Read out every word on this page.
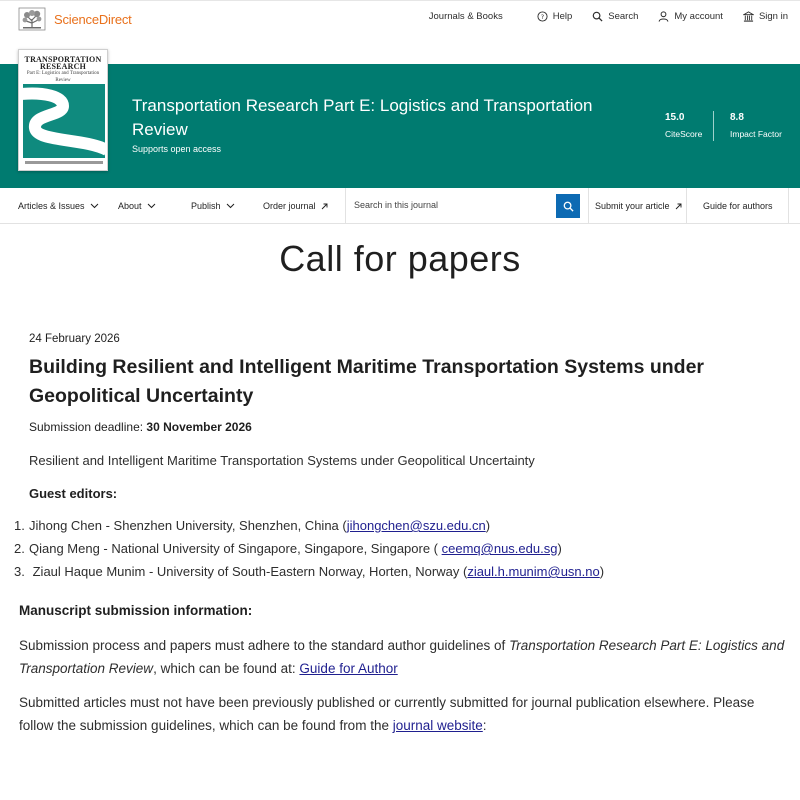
ScienceDirect	Journals & Books	? Help	Search	My account	Sign in
TRANSPORTATION
RESEARCH
Part E: Logistics and Transportation Review
Transportation Research Part E: Logistics and Transportation Review
Supports open access
15.0
CiteScore
8.8
Impact Factor
Articles & Issues	About	Publish	Order journal
Search in this journal	Submit your article	Guide for authors
Call for papers
24 February 2026
Building Resilient and Intelligent Maritime Transportation Systems under Geopolitical Uncertainty
Submission deadline: 30 November 2026
Resilient and Intelligent Maritime Transportation Systems under Geopolitical Uncertainty
Guest editors:
1. Jihong Chen - Shenzhen University, Shenzhen, China (jihongchen@szu.edu.cn)
2. Qiang Meng - National University of Singapore, Singapore, Singapore ( ceemq@nus.edu.sg)
3. Ziaul Haque Munim - University of South-Eastern Norway, Horten, Norway (ziaul.h.munim@usn.no)
Manuscript submission information:
Submission process and papers must adhere to the standard author guidelines of Transportation Research Part E: Logistics and Transportation Review, which can be found at: Guide for Author
Submitted articles must not have been previously published or currently submitted for journal publication elsewhere. Please follow the submission guidelines, which can be found from the journal website:
